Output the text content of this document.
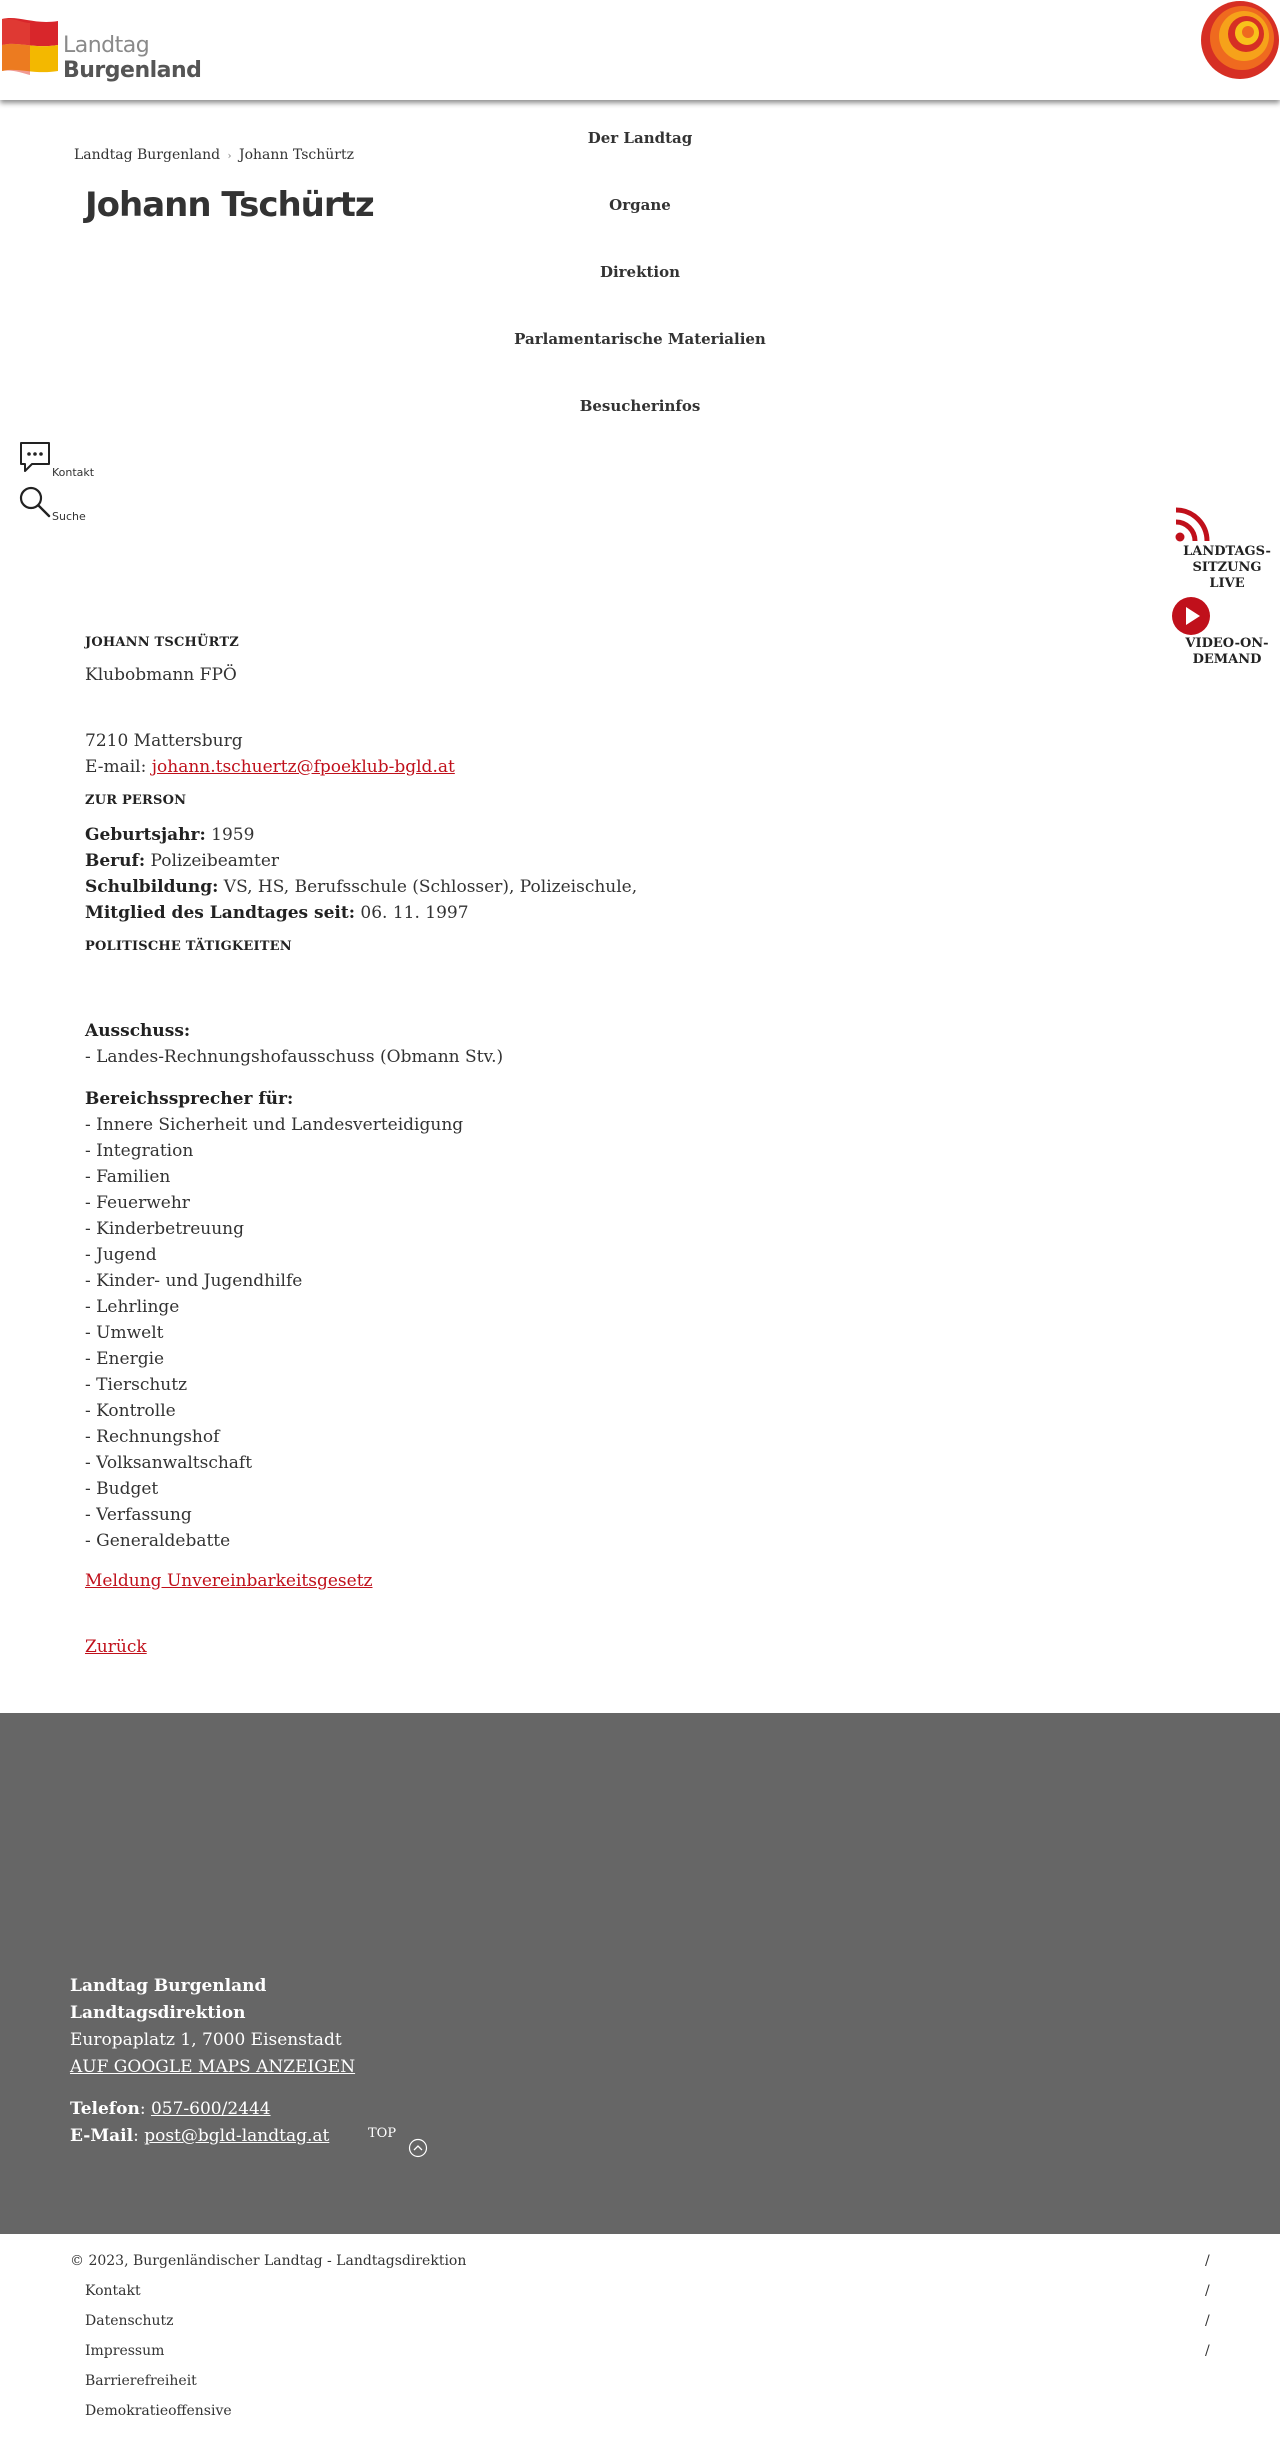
Landtag
Burgenland
Landtag Burgenland › Johann Tschürtz
Johann Tschürtz
Der Landtag
Organe
Direktion
Parlamentarische Materialien
Besucherinfos
Kontakt
Suche
LANDTAGS-
SITZUNG LIVE
VIDEO-ON-
DEMAND
JOHANN TSCHÜRTZ
Klubobmann FPÖ
7210 Mattersburg
E-mail: johann.tschuertz@fpoeklub-bgld.at
ZUR PERSON
Geburtsjahr: 1959
Beruf: Polizeibeamter
Schulbildung: VS, HS, Berufsschule (Schlosser), Polizeischule,
Mitglied des Landtages seit: 06. 11. 1997
POLITISCHE TÄTIGKEITEN
Ausschuss:
- Landes-Rechnungshofausschuss (Obmann Stv.)
Bereichssprecher für:
- Innere Sicherheit und Landesverteidigung
- Integration
- Familien
- Feuerwehr
- Kinderbetreuung
- Jugend
- Kinder- und Jugendhilfe
- Lehrlinge
- Umwelt
- Energie
- Tierschutz
- Kontrolle
- Rechnungshof
- Volksanwaltschaft
- Budget
- Verfassung
- Generaldebatte
Meldung Unvereinbarkeitsgesetz
Zurück
Landtag Burgenland
Landtagsdirektion
Europaplatz 1, 7000 Eisenstadt
AUF GOOGLE MAPS ANZEIGEN
Telefon: 057-600/2444
E-Mail: post@bgld-landtag.at	TOP
© 2023, Burgenländischer Landtag - Landtagsdirektion	/
Kontakt	/
Datenschutz	/
Impressum	/
Barrierefreiheit
Demokratieoffensive
